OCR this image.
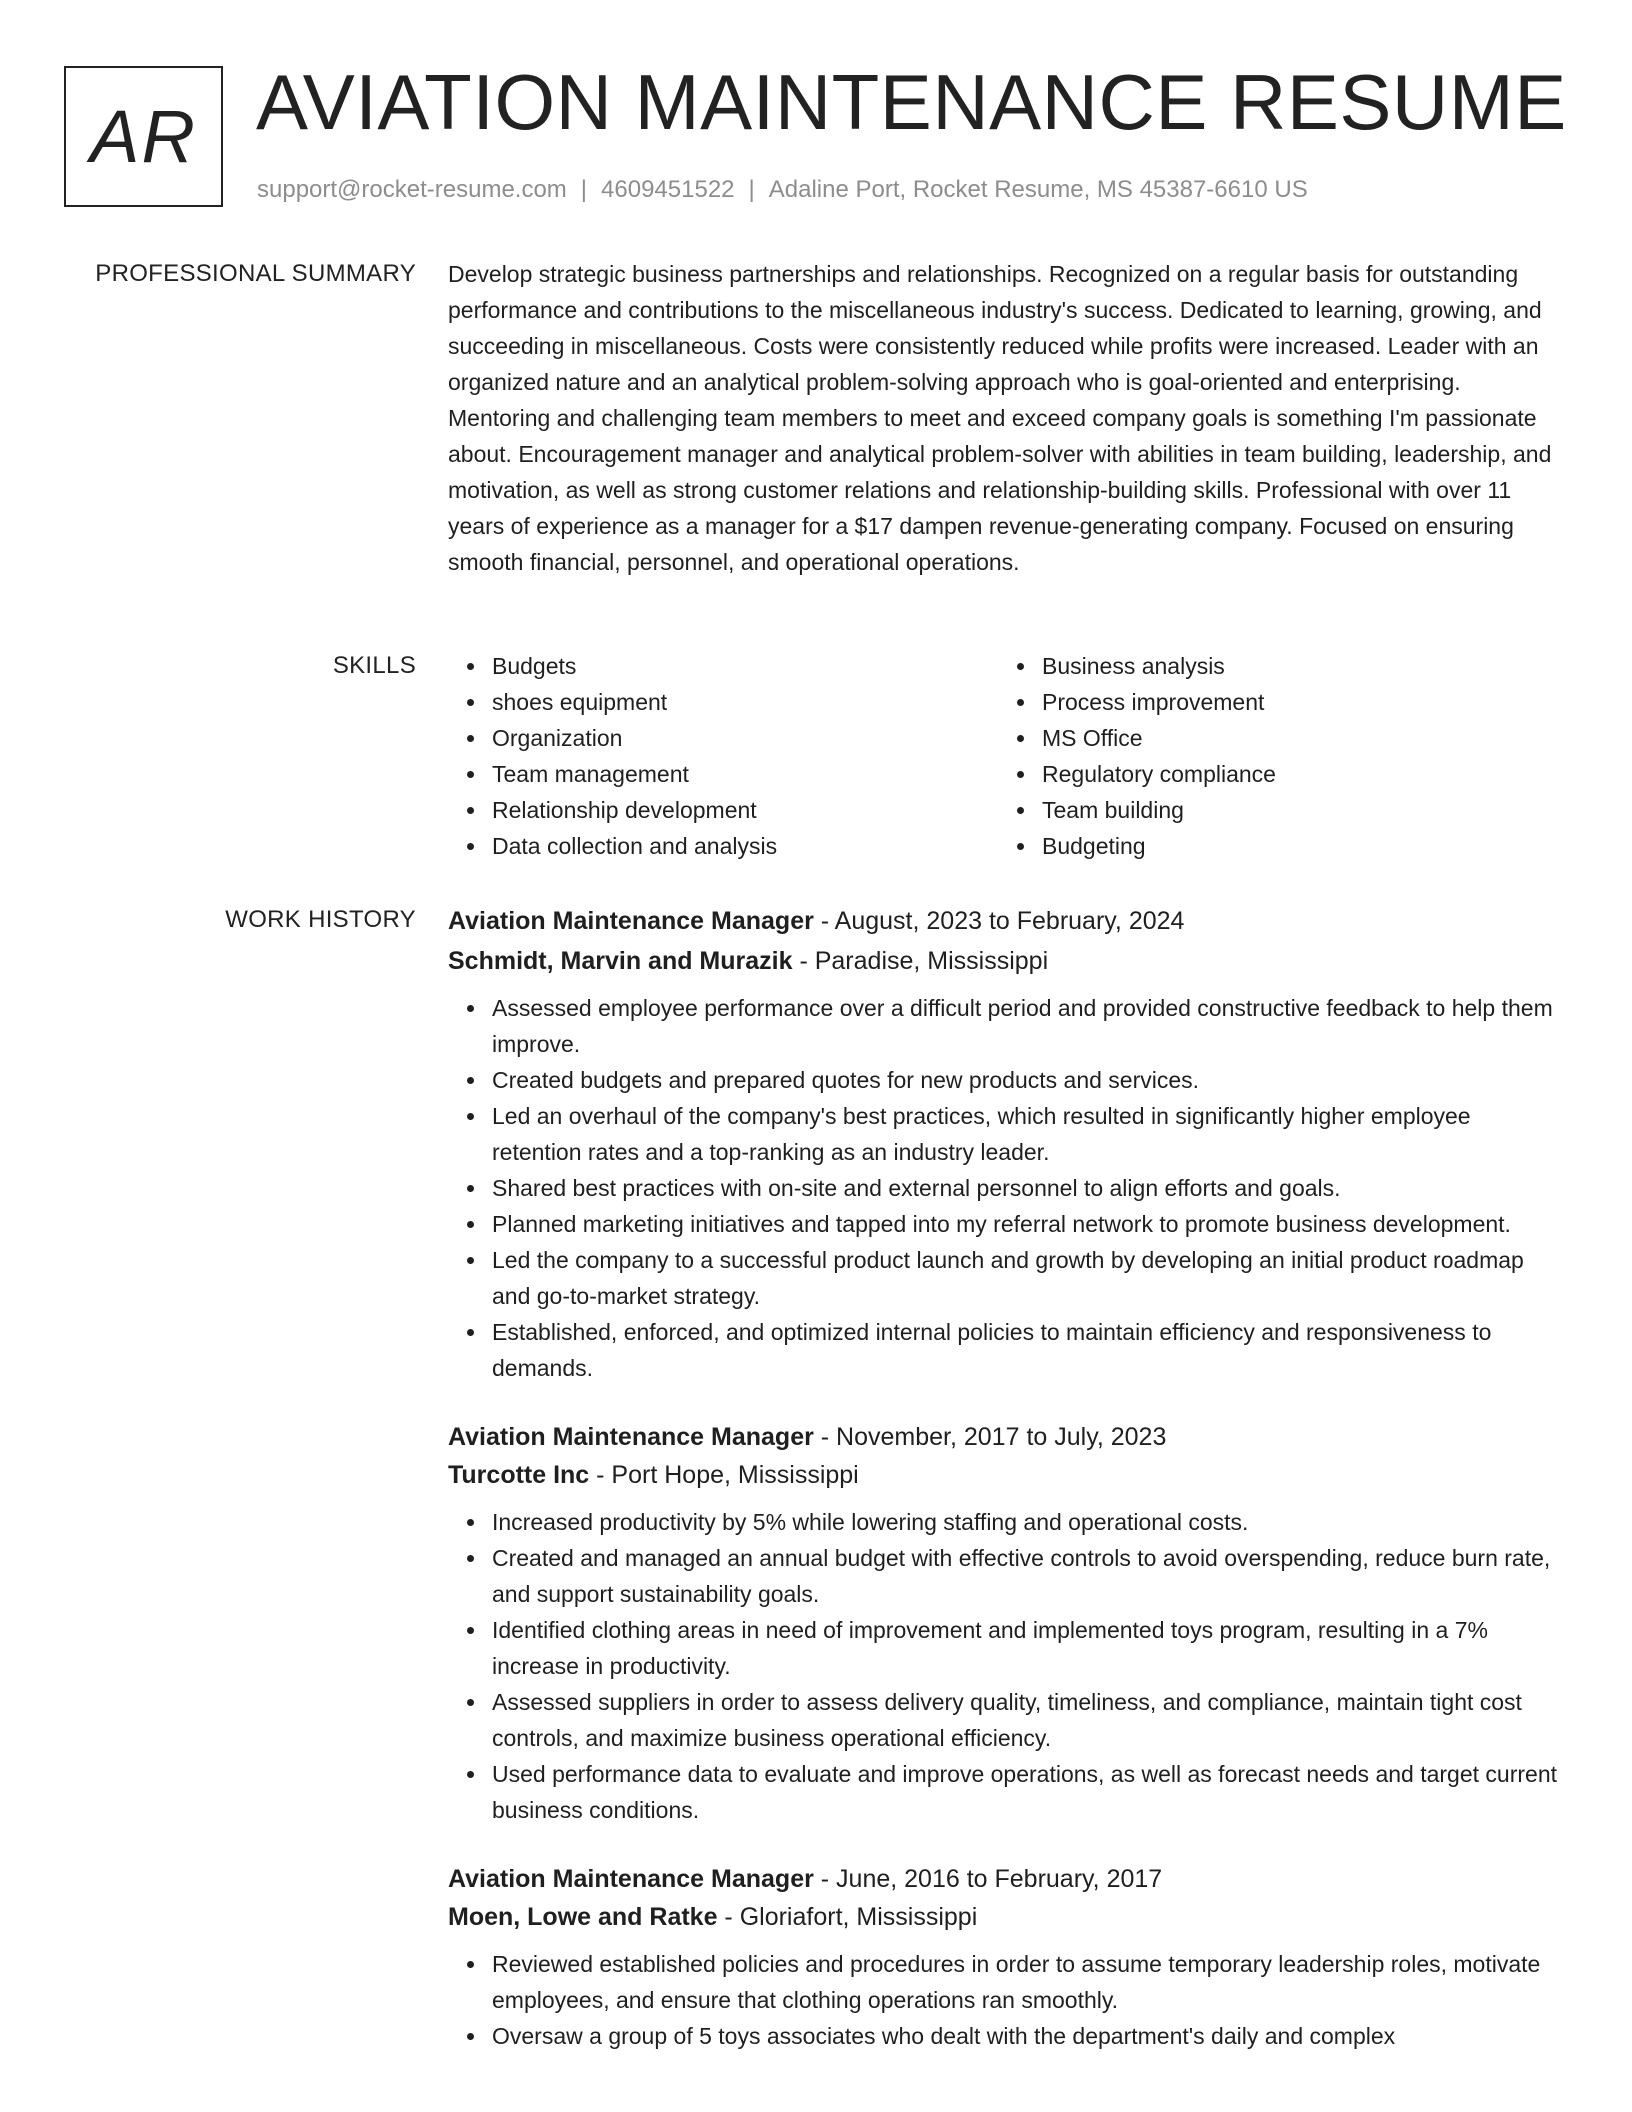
AR AVIATION MAINTENANCE RESUME
support@rocket-resume.com | 4609451522 | Adaline Port, Rocket Resume, MS 45387-6610 US
PROFESSIONAL SUMMARY Develop strategic business partnerships and relationships. Recognized on a regular basis for outstanding performance and contributions to the miscellaneous industry's success. Dedicated to learning, growing, and succeeding in miscellaneous. Costs were consistently reduced while profits were increased. Leader with an organized nature and an analytical problem-solving approach who is goal-oriented and enterprising. Mentoring and challenging team members to meet and exceed company goals is something I'm passionate about. Encouragement manager and analytical problem-solver with abilities in team building, leadership, and motivation, as well as strong customer relations and relationship-building skills. Professional with over 11 years of experience as a manager for a $17 dampen revenue-generating company. Focused on ensuring smooth financial, personnel, and operational operations.

SKILLS	Budgets
shoes equipment
Organization
Team management
Relationship development
Data collection and analysis
Business analysis
Process improvement
MS Office
Regulatory compliance
Team building
Budgeting
WORK HISTORY Aviation Maintenance Manager - August, 2023 to February, 2024
Schmidt, Marvin and Murazik - Paradise, Mississippi
Assessed employee performance over a difficult period and provided constructive feedback to help them improve.
Created budgets and prepared quotes for new products and services.
Led an overhaul of the company's best practices, which resulted in significantly higher employee retention rates and a top-ranking as an industry leader.
Shared best practices with on-site and external personnel to align efforts and goals.
Planned marketing initiatives and tapped into my referral network to promote business development.
Led the company to a successful product launch and growth by developing an initial product roadmap and go-to-market strategy.
Established, enforced, and optimized internal policies to maintain efficiency and responsiveness to demands.
Aviation Maintenance Manager - November, 2017 to July, 2023
Turcotte Inc - Port Hope, Mississippi
Increased productivity by 5% while lowering staffing and operational costs.
Created and managed an annual budget with effective controls to avoid overspending, reduce burn rate, and support sustainability goals.
Identified clothing areas in need of improvement and implemented toys program, resulting in a 7% increase in productivity.
Assessed suppliers in order to assess delivery quality, timeliness, and compliance, maintain tight cost controls, and maximize business operational efficiency.
Used performance data to evaluate and improve operations, as well as forecast needs and target current business conditions.
Aviation Maintenance Manager - June, 2016 to February, 2017
Moen, Lowe and Ratke - Gloriafort, Mississippi
Reviewed established policies and procedures in order to assume temporary leadership roles, motivate employees, and ensure that clothing operations ran smoothly.
Oversaw a group of 5 toys associates who dealt with the department's daily and complex
